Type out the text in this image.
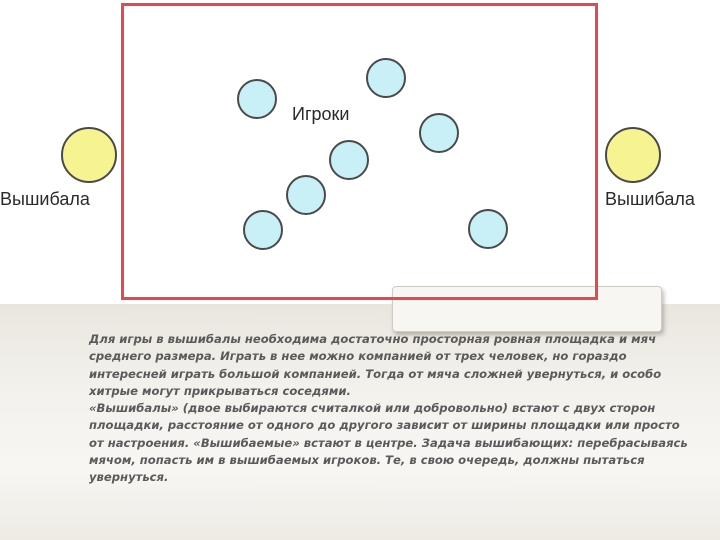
Игроки
Вышибала	Вышибала

Для игры в вышибалы необходима достаточно просторная ровная площадка и мяч среднего размера. Играть в нее можно компанией от трех человек, но гораздо интересней играть большой компанией. Тогда от мяча сложней увернуться, и особо хитрые могут прикрываться соседями.

«Вышибалы» (двое выбираются считалкой или добровольно) встают с двух сторон площадки, расстояние от одного до другого зависит от ширины площадки или просто от настроения. «Вышибаемые» встают в центре. Задача вышибающих: перебрасываясь мячом, попасть им в вышибаемых игроков. Те, в свою очередь, должны пытаться увернуться.
